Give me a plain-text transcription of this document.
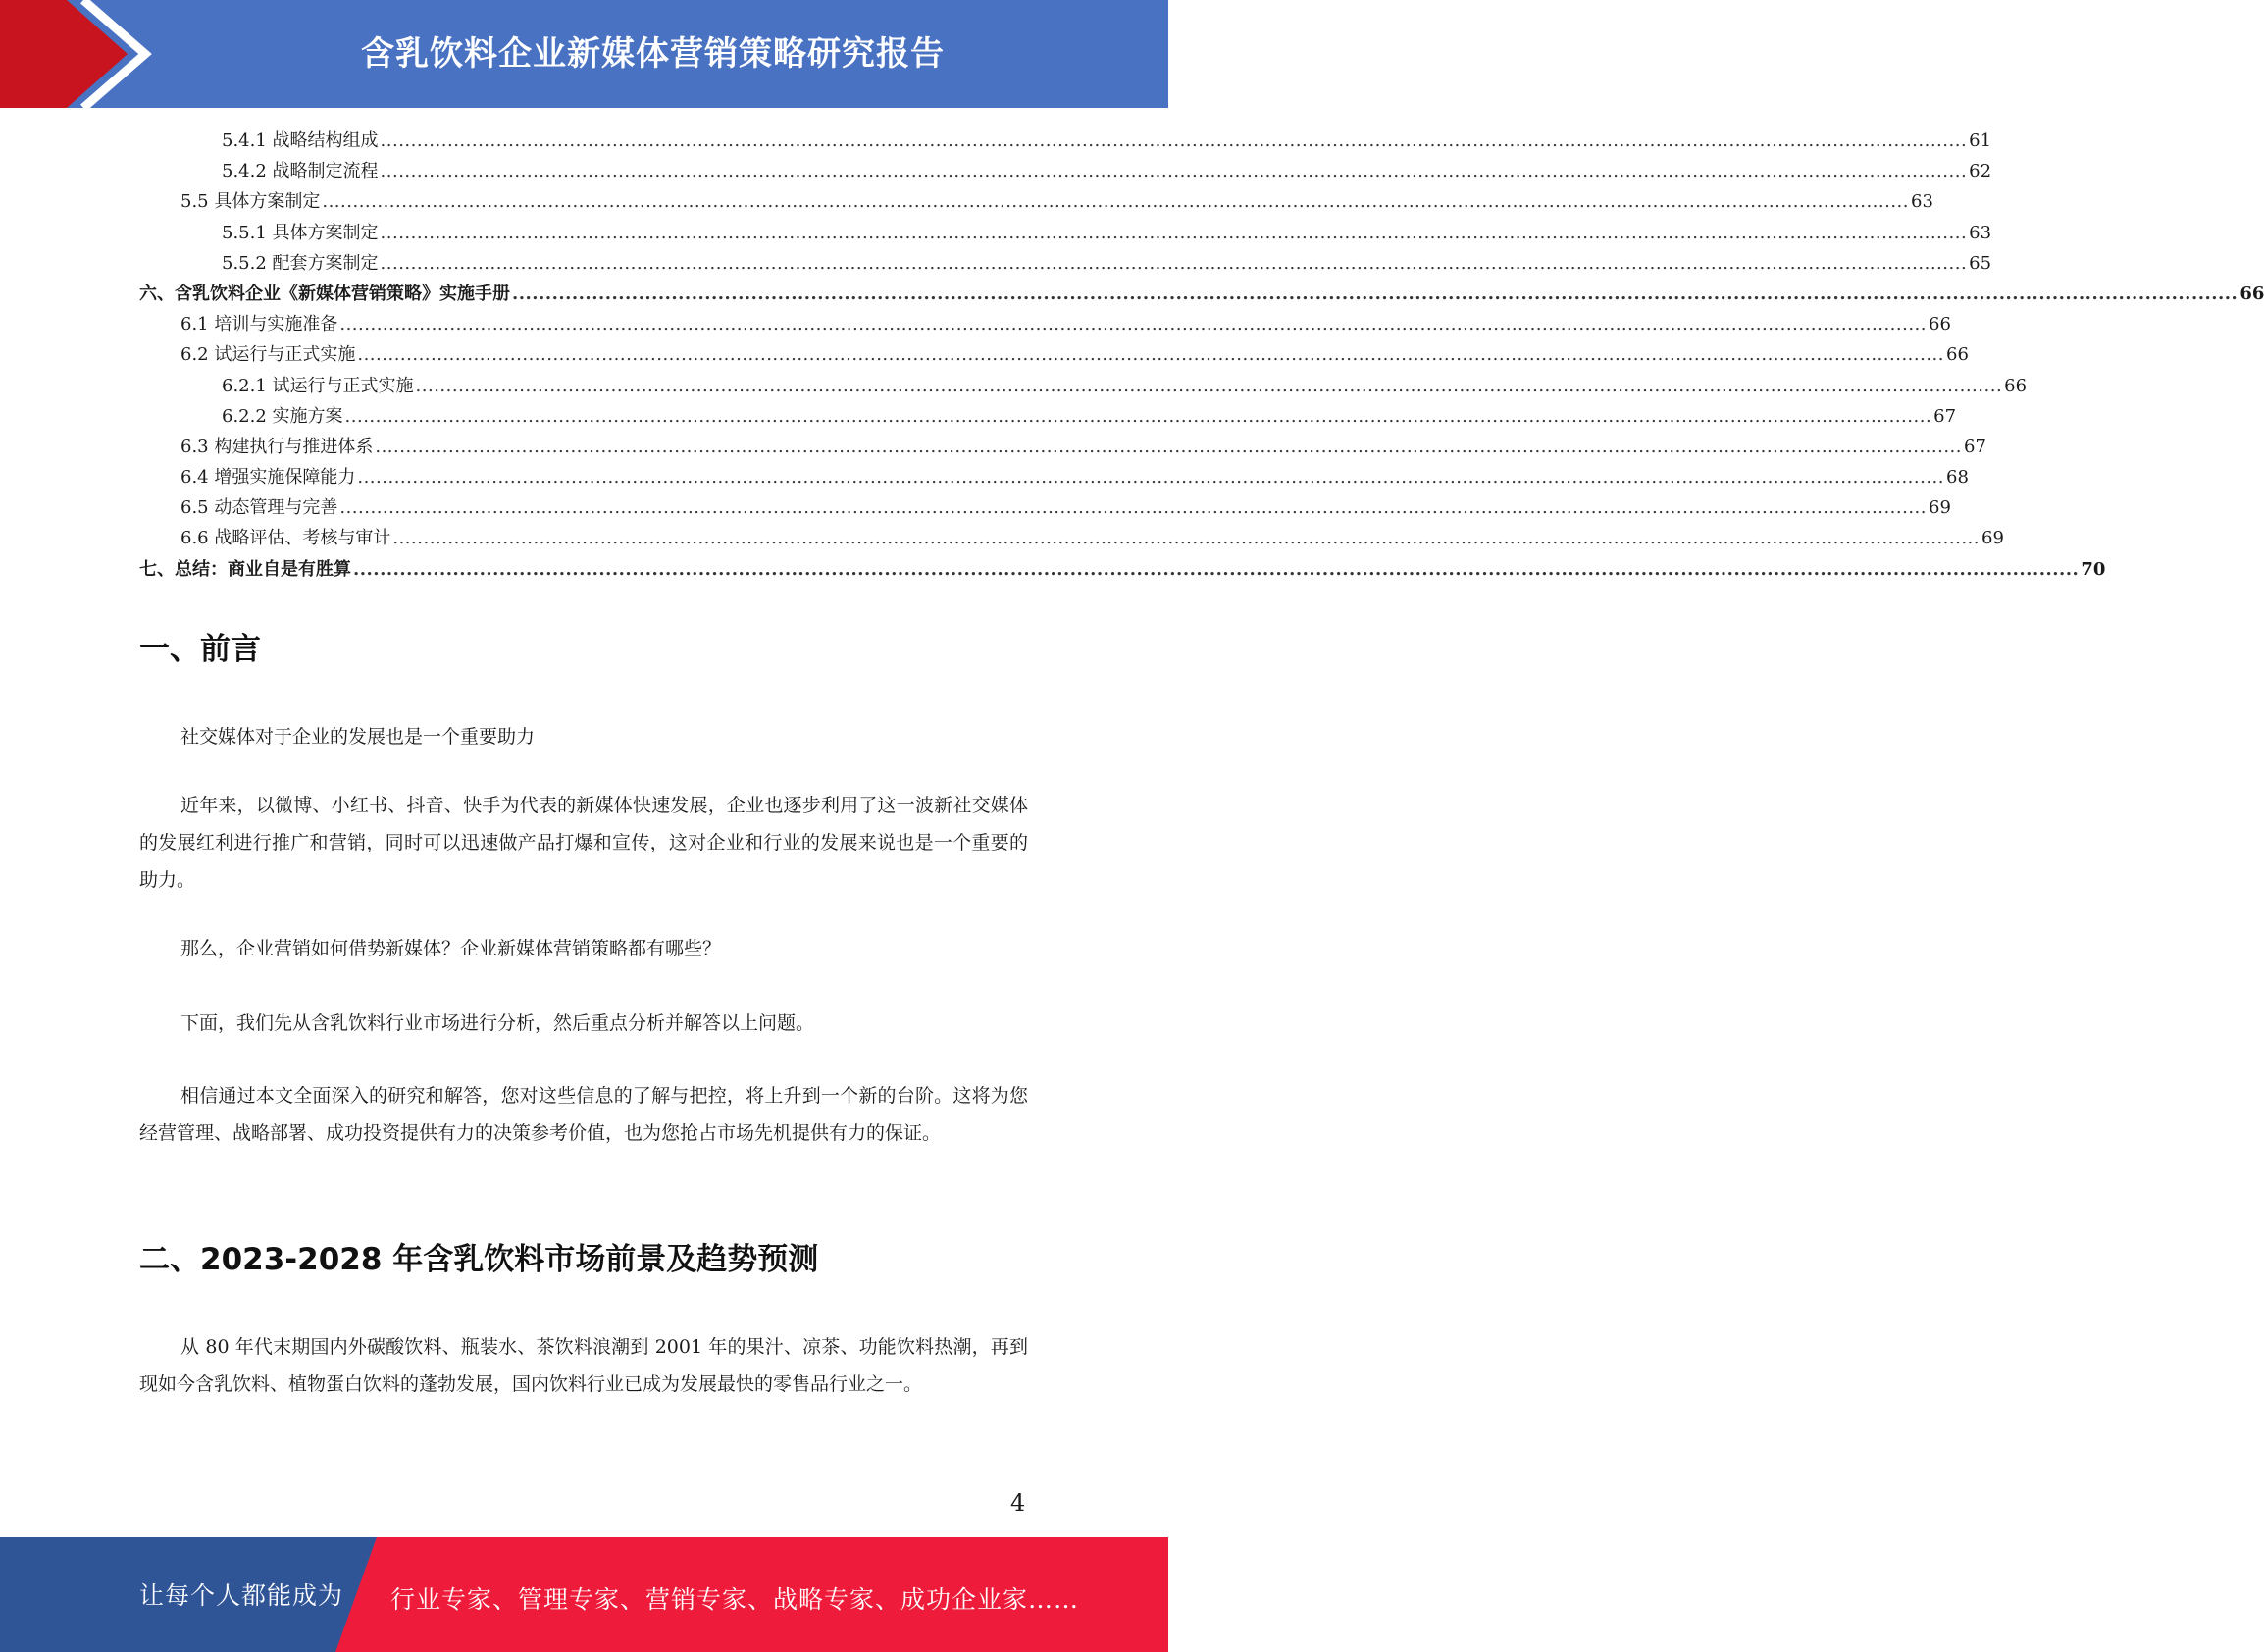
含乳饮料企业新媒体营销策略研究报告
5.4.1 战略结构组成 .................................................................................................................................................................................................................................................................... 61
5.4.2 战略制定流程 .................................................................................................................................................................................................................................................................... 62
5.5 具体方案制定 .................................................................................................................................................................................................................................................................... 63
5.5.1 具体方案制定 .................................................................................................................................................................................................................................................................... 63
5.5.2 配套方案制定 .................................................................................................................................................................................................................................................................... 65
六、含乳饮料企业《新媒体营销策略》实施手册 .................................................................................................................................................................................................................................................................... 66
6.1 培训与实施准备 .................................................................................................................................................................................................................................................................... 66
6.2 试运行与正式实施 .................................................................................................................................................................................................................................................................... 66
6.2.1 试运行与正式实施 .................................................................................................................................................................................................................................................................... 66
6.2.2 实施方案 .................................................................................................................................................................................................................................................................... 67
6.3 构建执行与推进体系 .................................................................................................................................................................................................................................................................... 67
6.4 增强实施保障能力 .................................................................................................................................................................................................................................................................... 68
6.5 动态管理与完善 .................................................................................................................................................................................................................................................................... 69
6.6 战略评估、考核与审计 .................................................................................................................................................................................................................................................................... 69
七、总结：商业自是有胜算 .................................................................................................................................................................................................................................................................... 70
一、前言

社交媒体对于企业的发展也是一个重要助力

近年来，以微博、小红书、抖音、快手为代表的新媒体快速发展，企业也逐步利用了这一波新社交媒体的发展红利进行推广和营销，同时可以迅速做产品打爆和宣传，这对企业和行业的发展来说也是一个重要的助力。

那么，企业营销如何借势新媒体？企业新媒体营销策略都有哪些？

下面，我们先从含乳饮料行业市场进行分析，然后重点分析并解答以上问题。

相信通过本文全面深入的研究和解答，您对这些信息的了解与把控，将上升到一个新的台阶。这将为您经营管理、战略部署、成功投资提供有力的决策参考价值，也为您抢占市场先机提供有力的保证。

二、2023-2028 年含乳饮料市场前景及趋势预测

从 80 年代末期国内外碳酸饮料、瓶装水、茶饮料浪潮到 2001 年的果汁、凉茶、功能饮料热潮，再到现如今含乳饮料、植物蛋白饮料的蓬勃发展，国内饮料行业已成为发展最快的零售品行业之一。

4
让每个人都能成为 行业专家、管理专家、营销专家、战略专家、成功企业家……
